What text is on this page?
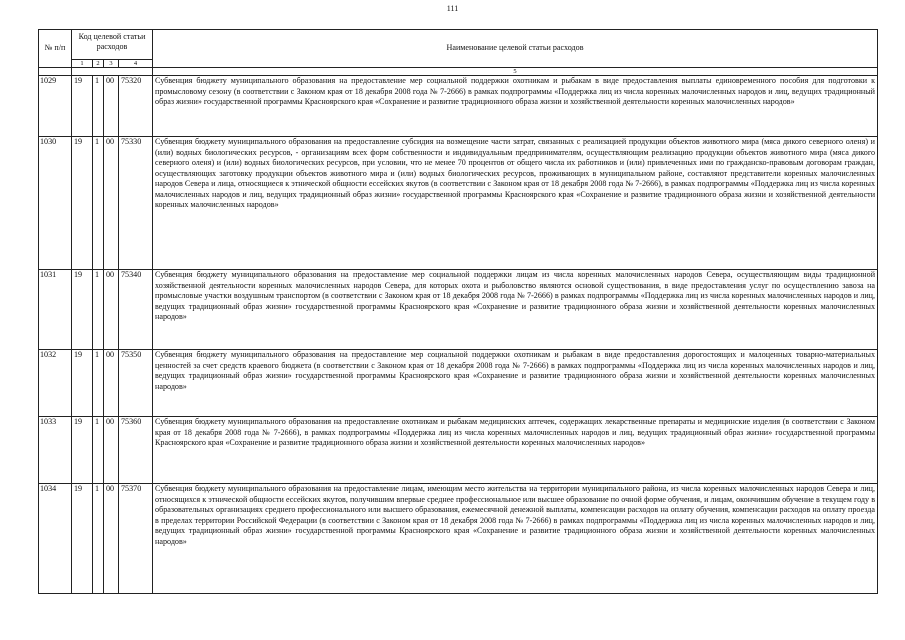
111
№ п/п	Код целевой статьи расходов				Наименование целевой статьи расходов
	1	2	3	4	
					5
1029	19	1	00	75320	Субвенция бюджету муниципального образования на предоставление мер социальной поддержки охотникам и рыбакам в виде предоставления выплаты единовременного пособия для подготовки к промысловому сезону (в соответствии с Законом края от 18 декабря 2008 года № 7-2666) в рамках подпрограммы «Поддержка лиц из числа коренных малочисленных народов и лиц, ведущих традиционный образ жизни» государственной программы Красноярского края «Сохранение и развитие традиционного образа жизни и хозяйственной деятельности коренных малочисленных народов»
1030	19	1	00	75330	Субвенция бюджету муниципального образования на предоставление субсидия на возмещение части затрат, связанных с реализацией продукции объектов животного мира (мяса дикого северного оленя) и (или) водных биологических ресурсов, - организациям всех форм собственности и индивидуальным предпринимателям, осуществляющим реализацию продукции объектов животного мира (мяса дикого северного оленя) и (или) водных биологических ресурсов, при условии, что не менее 70 процентов от общего числа их работников и (или) привлеченных ими по гражданско-правовым договорам граждан, осуществляющих заготовку продукции объектов животного мира и (или) водных биологических ресурсов, проживающих в муниципальном районе, составляют представители коренных малочисленных народов Севера и лица, относящиеся к этнической общности ессейских якутов (в соответствии с Законом края от 18 декабря 2008 года № 7-2666), в рамках подпрограммы «Поддержка лиц из числа коренных малочисленных народов и лиц, ведущих традиционный образ жизни» государственной программы Красноярского края «Сохранение и развитие традиционного образа жизни и хозяйственной деятельности коренных малочисленных народов»
1031	19	1	00	75340	Субвенция бюджету муниципального образования на предоставление мер социальной поддержки лицам из числа коренных малочисленных народов Севера, осуществляющим виды традиционной хозяйственной деятельности коренных малочисленных народов Севера, для которых охота и рыболовство являются основой существования, в виде предоставления услуг по осуществлению завоза на промысловые участки воздушным транспортом (в соответствии с Законом края от 18 декабря 2008 года № 7-2666) в рамках подпрограммы «Поддержка лиц из числа коренных малочисленных народов и лиц, ведущих традиционный образ жизни» государственной программы Красноярского края «Сохранение и развитие традиционного образа жизни и хозяйственной деятельности коренных малочисленных народов»
1032	19	1	00	75350	Субвенция бюджету муниципального образования на предоставление мер социальной поддержки охотникам и рыбакам в виде предоставления дорогостоящих и малоценных товарно-материальных ценностей за счет средств краевого бюджета (в соответствии с Законом края от 18 декабря 2008 года № 7-2666) в рамках подпрограммы «Поддержка лиц из числа коренных малочисленных народов и лиц, ведущих традиционный образ жизни» государственной программы Красноярского края «Сохранение и развитие традиционного образа жизни и хозяйственной деятельности коренных малочисленных народов»
1033	19	1	00	75360	Субвенция бюджету муниципального образования на предоставление охотникам и рыбакам медицинских аптечек, содержащих лекарственные препараты и медицинские изделия (в соответствии с Законом края от 18 декабря 2008 года № 7-2666), в рамках подпрограммы «Поддержка лиц из числа коренных малочисленных народов и лиц, ведущих традиционный образ жизни» государственной программы Красноярского края «Сохранение и развитие традиционного образа жизни и хозяйственной деятельности коренных малочисленных народов»
1034	19	1	00	75370	Субвенция бюджету муниципального образования на предоставление лицам, имеющим место жительства на территории муниципального района, из числа коренных малочисленных народов Севера и лиц, относящихся к этнической общности ессейских якутов, получившим впервые среднее профессиональное или высшее образование по очной форме обучения, и лицам, окончившим обучение в текущем году в образовательных организациях среднего профессионального или высшего образования, ежемесячной денежной выплаты, компенсации расходов на оплату обучения, компенсации расходов на оплату проезда в пределах территории Российской Федерации (в соответствии с Законом края от 18 декабря 2008 года № 7-2666) в рамках подпрограммы «Поддержка лиц из числа коренных малочисленных народов и лиц, ведущих традиционный образ жизни» государственной программы Красноярского края «Сохранение и развитие традиционного образа жизни и хозяйственной деятельности коренных малочисленных народов»
